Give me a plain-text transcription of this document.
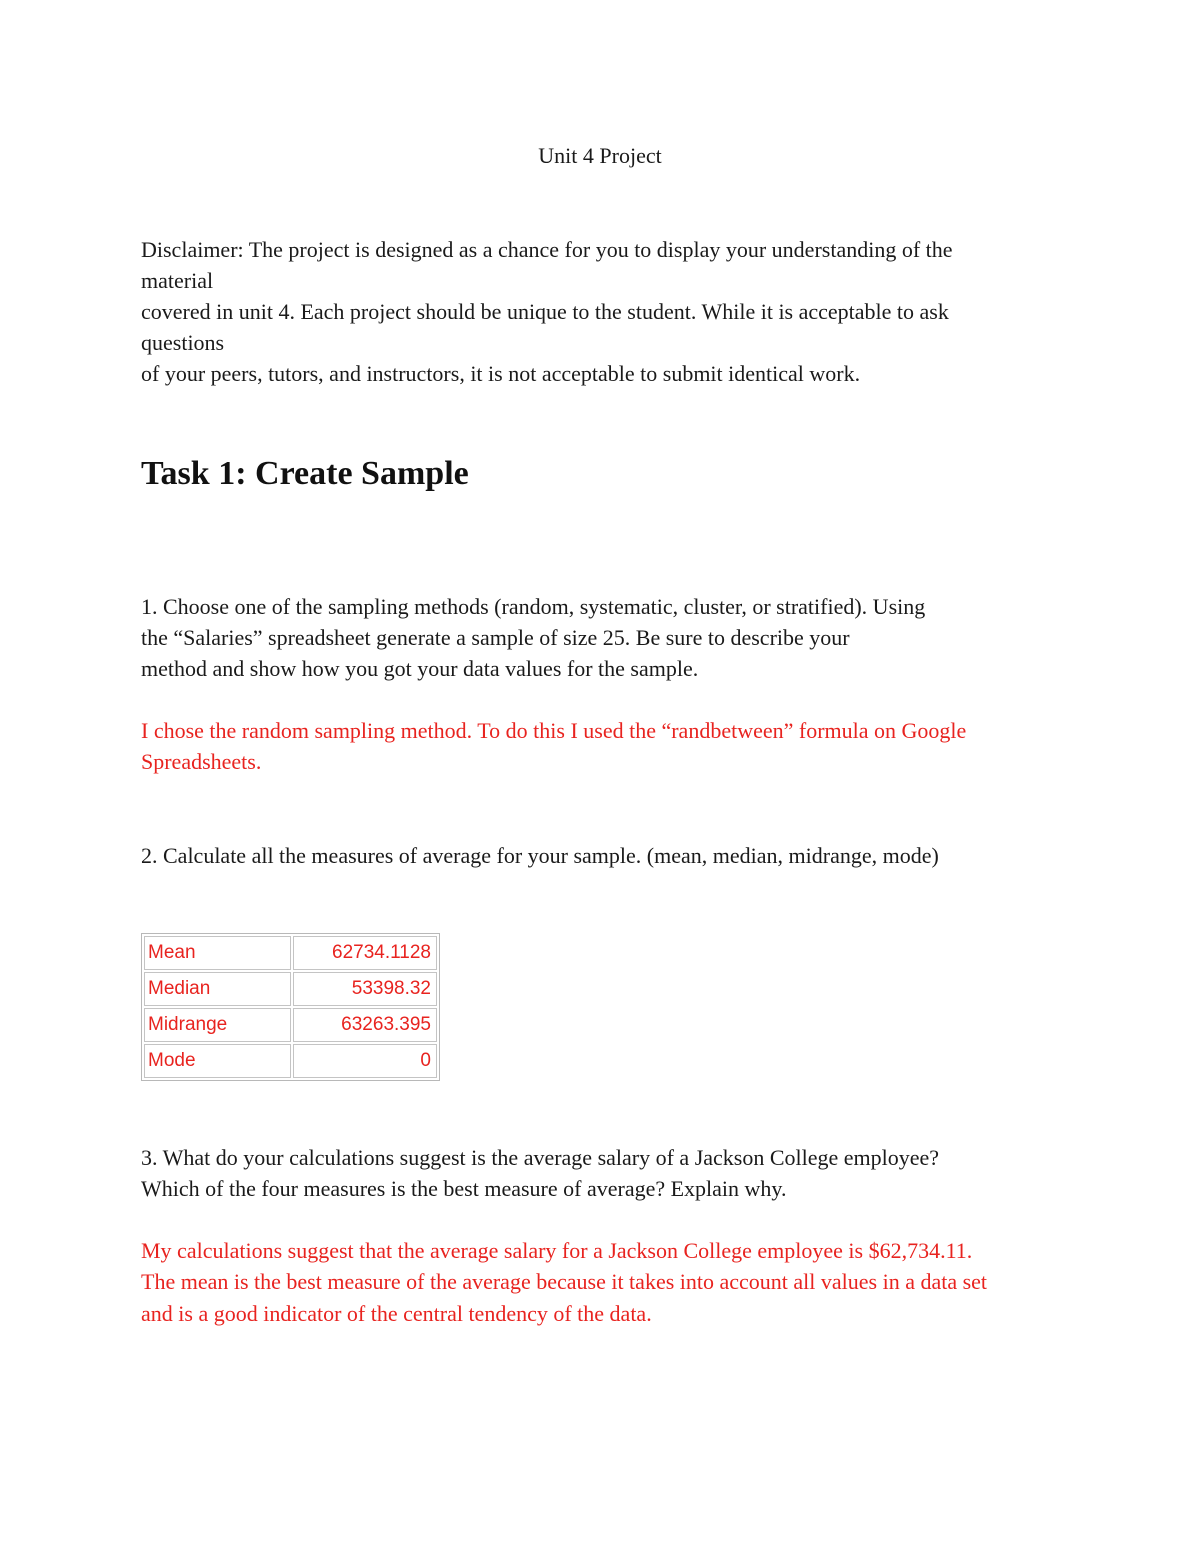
Unit 4 Project
Disclaimer: The project is designed as a chance for you to display your understanding of the
material
covered in unit 4. Each project should be unique to the student. While it is acceptable to ask
questions
of your peers, tutors, and instructors, it is not acceptable to submit identical work.
Task 1: Create Sample
1. Choose one of the sampling methods (random, systematic, cluster, or stratified). Using
the “Salaries” spreadsheet generate a sample of size 25. Be sure to describe your
method and show how you got your data values for the sample.
I chose the random sampling method. To do this I used the “randbetween” formula on Google
Spreadsheets.
2. Calculate all the measures of average for your sample. (mean, median, midrange, mode)
Mean	62734.1128
Median	53398.32
Midrange	63263.395
Mode	0
3. What do your calculations suggest is the average salary of a Jackson College employee?
Which of the four measures is the best measure of average? Explain why.
My calculations suggest that the average salary for a Jackson College employee is $62,734.11.
The mean is the best measure of the average because it takes into account all values in a data set
and is a good indicator of the central tendency of the data.
